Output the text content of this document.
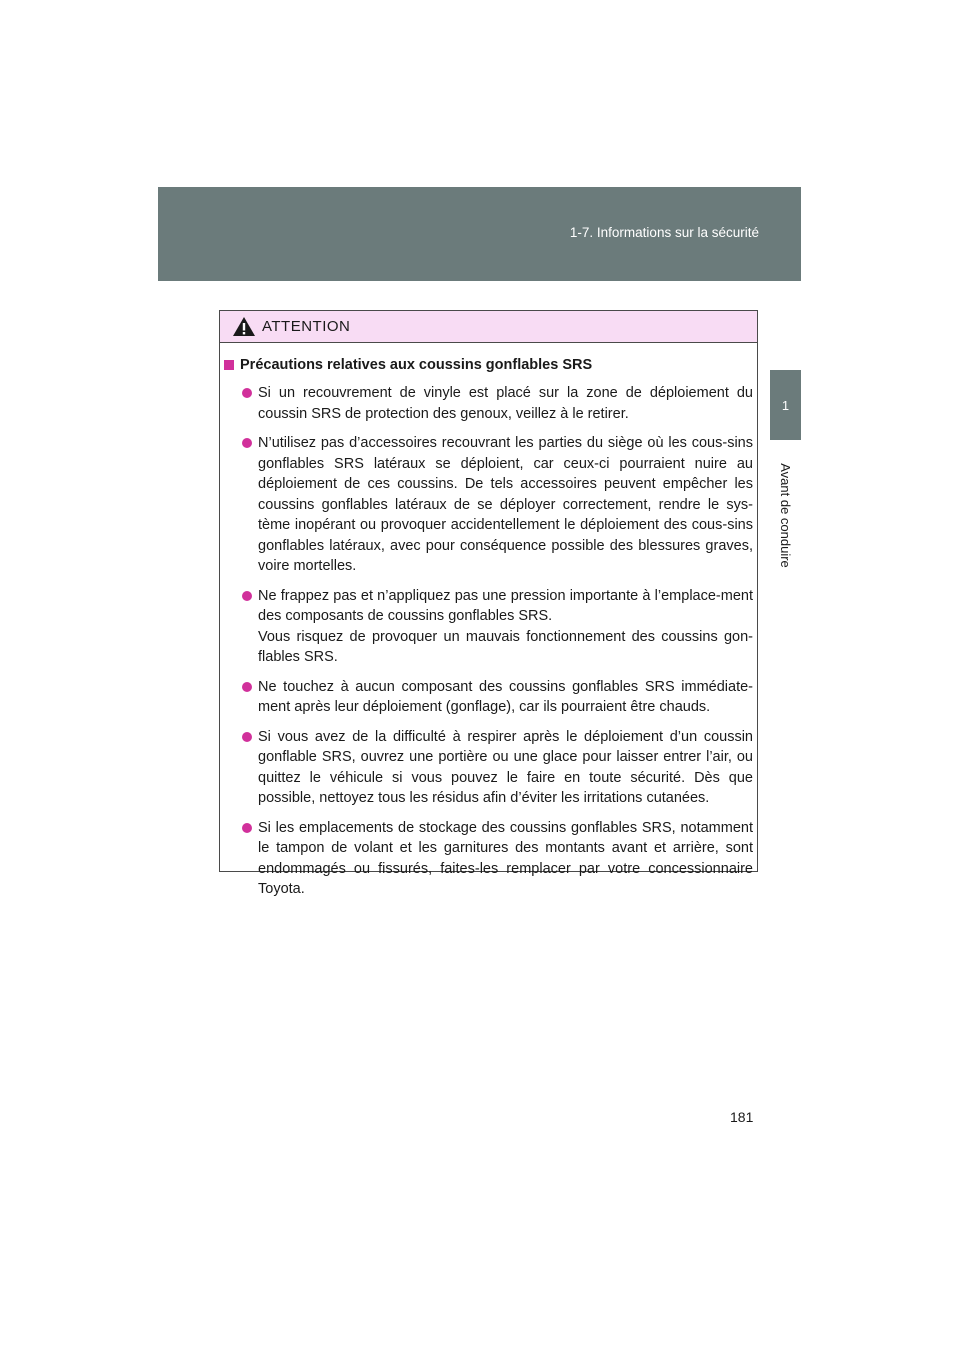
1-7. Informations sur la sécurité
1
Avant de conduire
ATTENTION
Précautions relatives aux coussins gonflables SRS
Si un recouvrement de vinyle est placé sur la zone de déploiement du coussin SRS de protection des genoux, veillez à le retirer.
N’utilisez pas d’accessoires recouvrant les parties du siège où les cous-sins gonflables SRS latéraux se déploient, car ceux-ci pourraient nuire au déploiement de ces coussins. De tels accessoires peuvent empêcher les coussins gonflables latéraux de se déployer correctement, rendre le sys-tème inopérant ou provoquer accidentellement le déploiement des cous-sins gonflables latéraux, avec pour conséquence possible des blessures graves, voire mortelles.
Ne frappez pas et n’appliquez pas une pression importante à l’emplace-ment des composants de coussins gonflables SRS.
Vous risquez de provoquer un mauvais fonctionnement des coussins gon-flables SRS.
Ne touchez à aucun composant des coussins gonflables SRS immédiate-ment après leur déploiement (gonflage), car ils pourraient être chauds.
Si vous avez de la difficulté à respirer après le déploiement d’un coussin gonflable SRS, ouvrez une portière ou une glace pour laisser entrer l’air, ou quittez le véhicule si vous pouvez le faire en toute sécurité. Dès que possible, nettoyez tous les résidus afin d’éviter les irritations cutanées.
Si les emplacements de stockage des coussins gonflables SRS, notamment le tampon de volant et les garnitures des montants avant et arrière, sont endommagés ou fissurés, faites-les remplacer par votre concessionnaire Toyota.
181
